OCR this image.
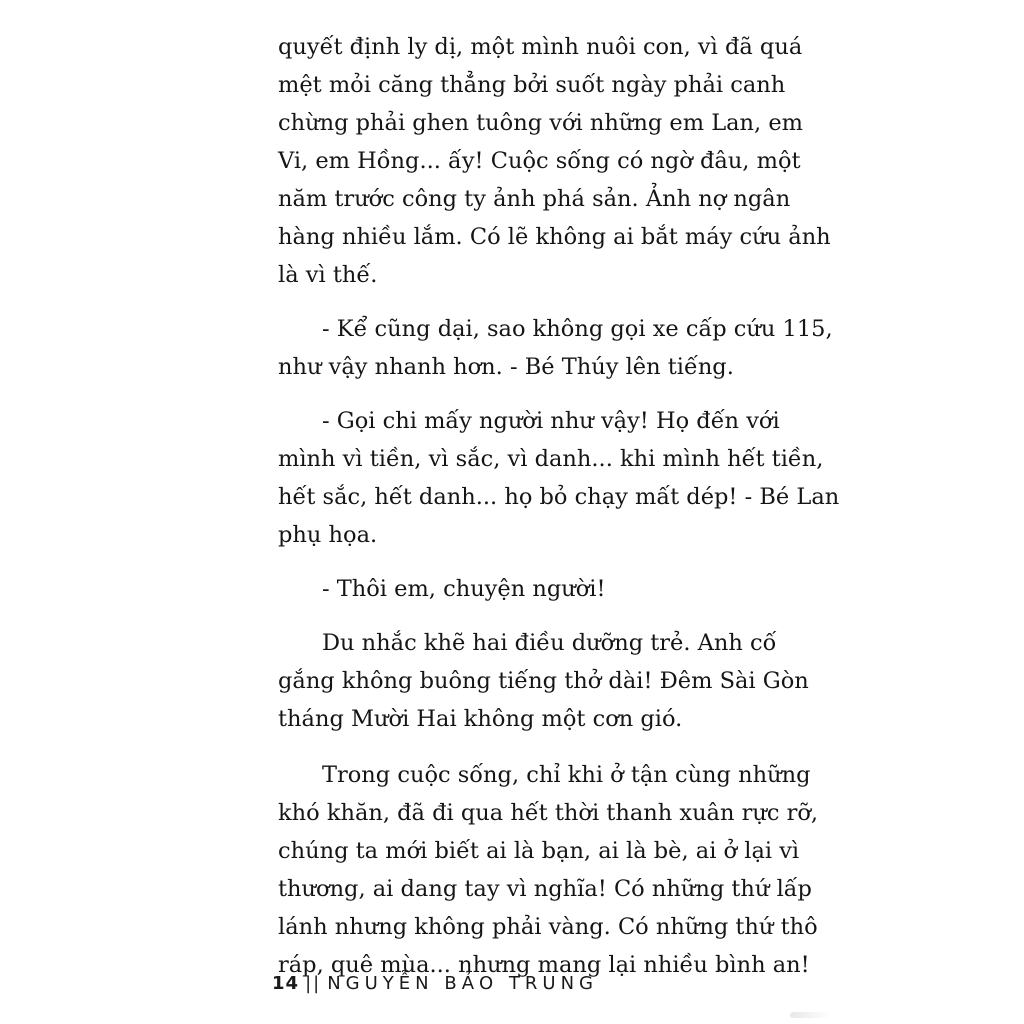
quyết định ly dị, một mình nuôi con, vì đã quá
mệt mỏi căng thẳng bởi suốt ngày phải canh
chừng phải ghen tuông với những em Lan, em
Vi, em Hồng... ấy! Cuộc sống có ngờ đâu, một
năm trước công ty ảnh phá sản. Ảnh nợ ngân
hàng nhiều lắm. Có lẽ không ai bắt máy cứu ảnh
là vì thế.
- Kể cũng dại, sao không gọi xe cấp cứu 115,
như vậy nhanh hơn. - Bé Thúy lên tiếng.
- Gọi chi mấy người như vậy! Họ đến với
mình vì tiền, vì sắc, vì danh... khi mình hết tiền,
hết sắc, hết danh... họ bỏ chạy mất dép! - Bé Lan
phụ họa.
- Thôi em, chuyện người!
Du nhắc khẽ hai điều dưỡng trẻ. Anh cố
gắng không buông tiếng thở dài! Đêm Sài Gòn
tháng Mười Hai không một cơn gió.
Trong cuộc sống, chỉ khi ở tận cùng những
khó khăn, đã đi qua hết thời thanh xuân rực rỡ,
chúng ta mới biết ai là bạn, ai là bè, ai ở lại vì
thương, ai dang tay vì nghĩa! Có những thứ lấp
lánh nhưng không phải vàng. Có những thứ thô
ráp, quê mùa... nhưng mang lại nhiều bình an!
14 || NGUYỄN BẢO TRUNG
